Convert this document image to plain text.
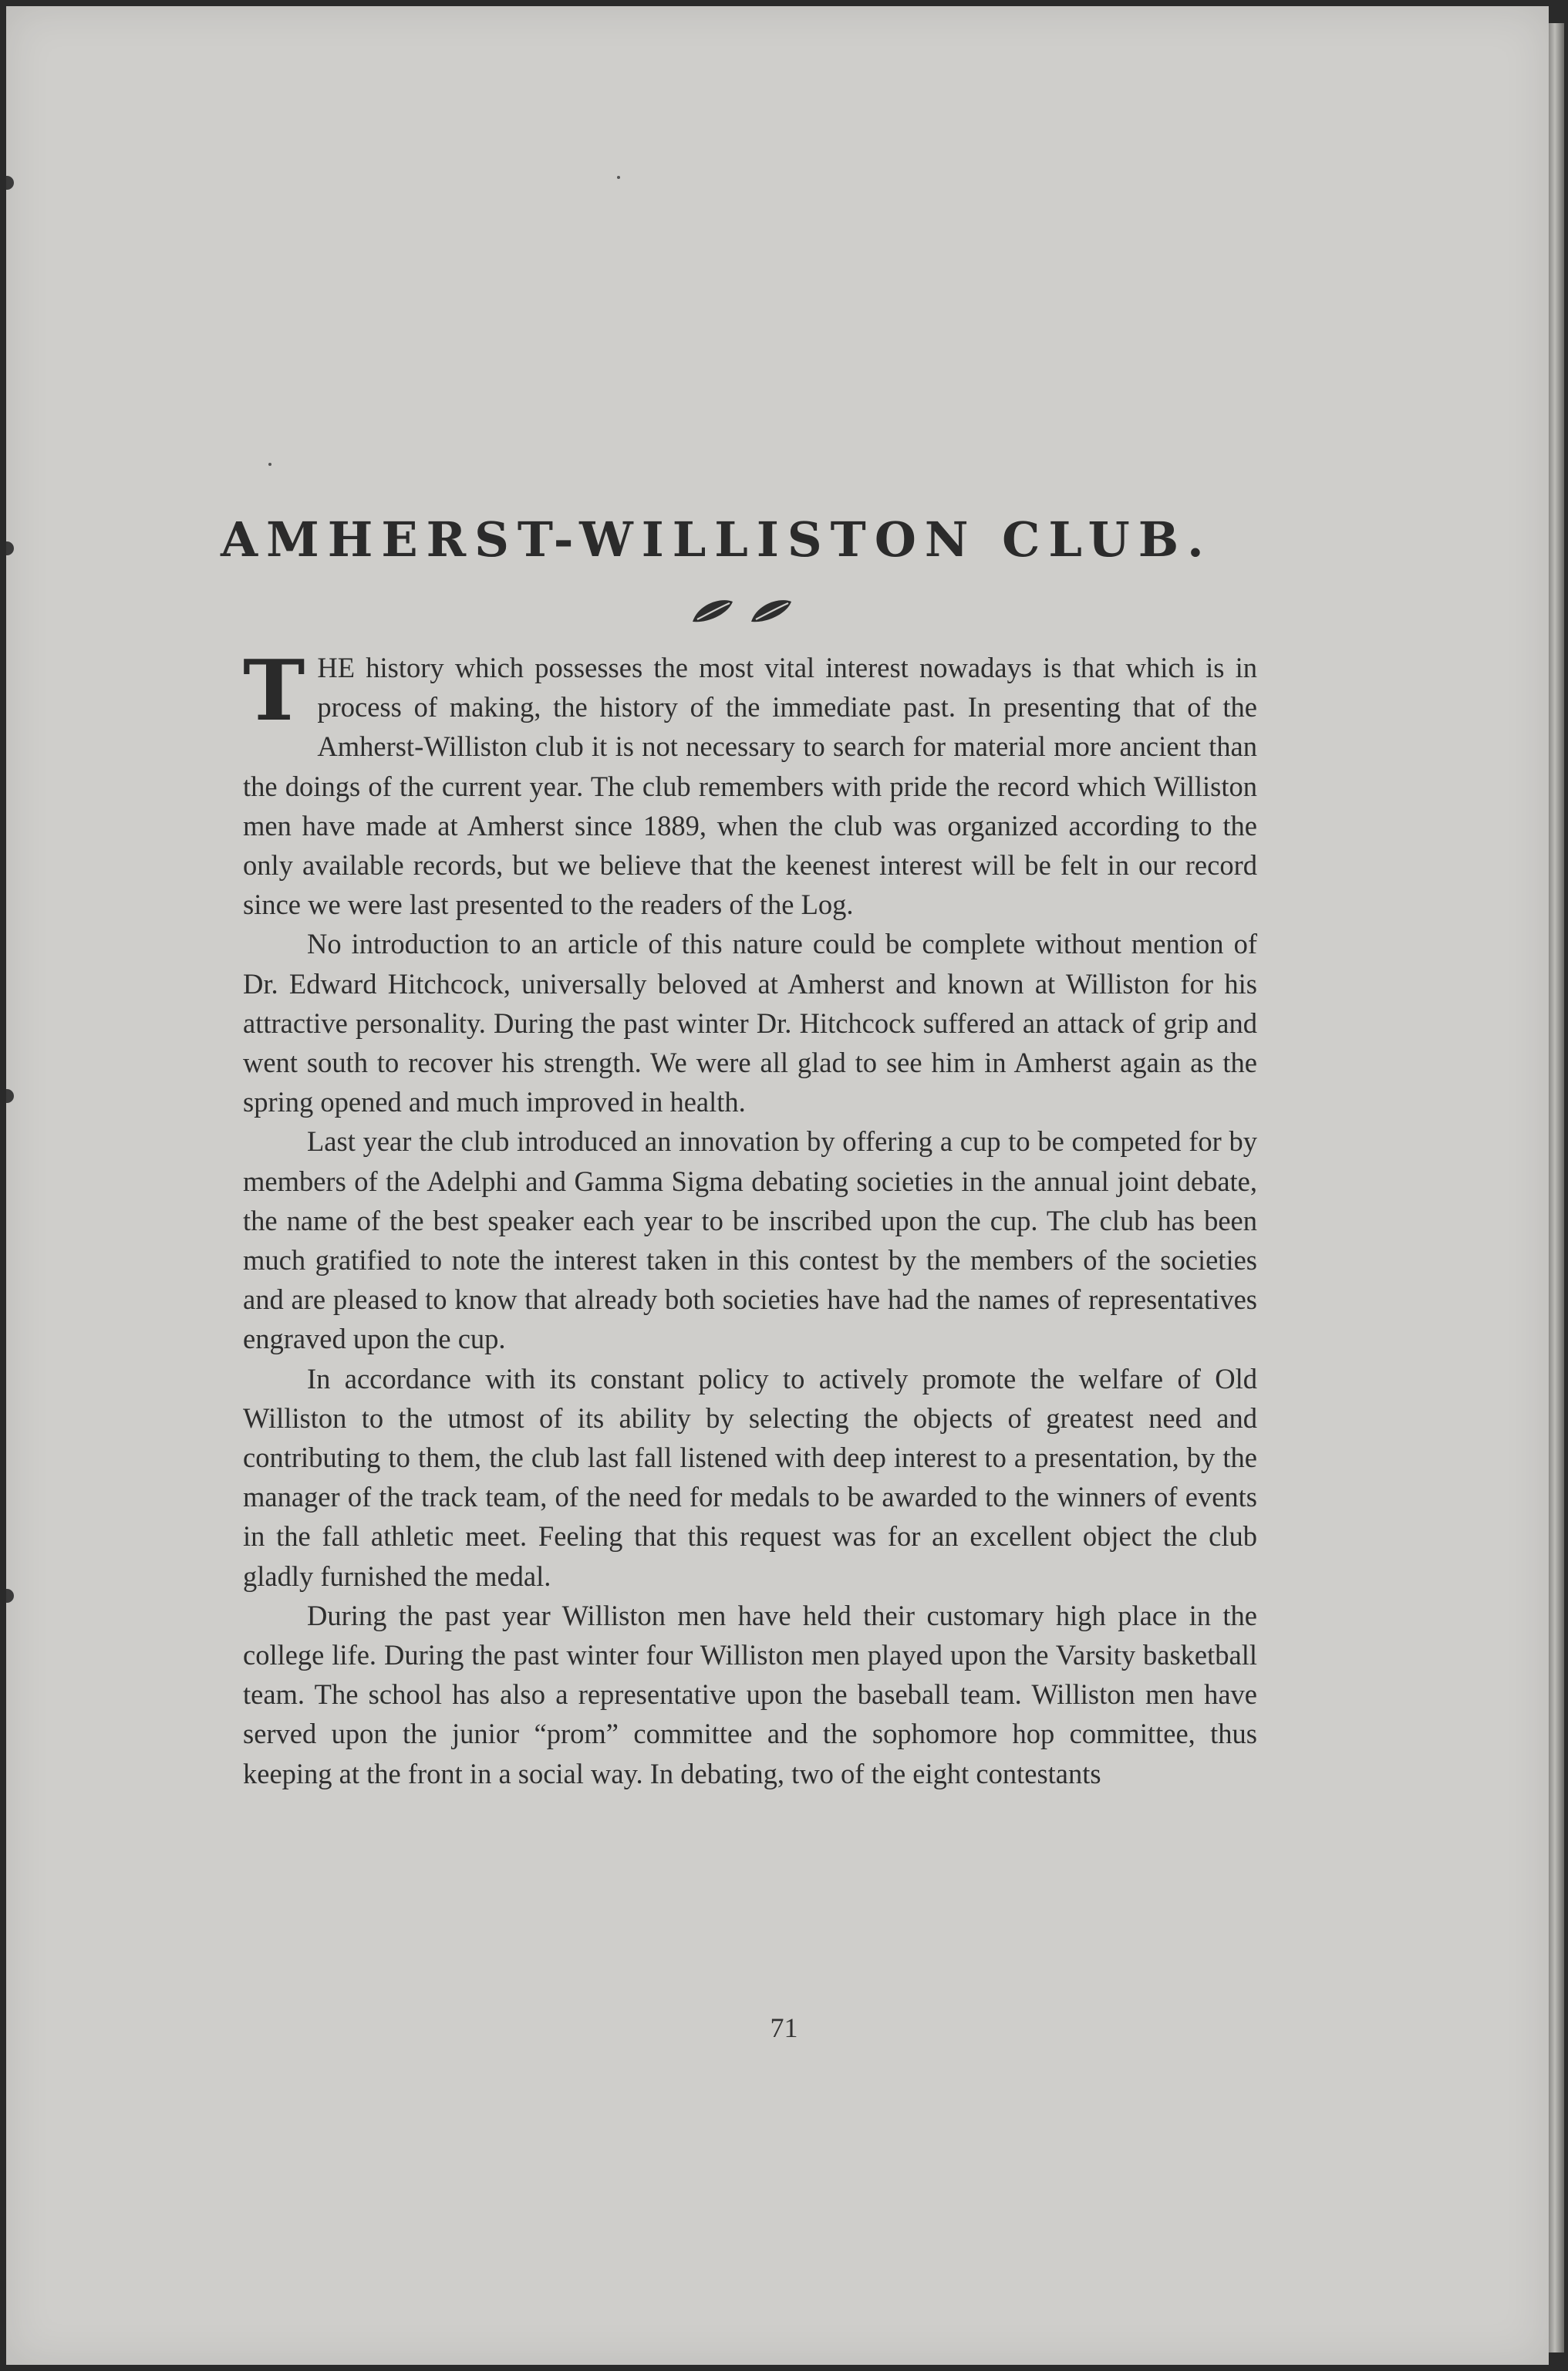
AMHERST-WILLISTON CLUB.

THE history which possesses the most vital interest nowadays is that which is in process of making, the history of the immediate past. In presenting that of the Amherst-Williston club it is not necessary to search for material more ancient than the doings of the current year. The club remembers with pride the record which Williston men have made at Amherst since 1889, when the club was organized according to the only available records, but we believe that the keenest interest will be felt in our record since we were last presented to the readers of the Log.

No introduction to an article of this nature could be complete without mention of Dr. Edward Hitchcock, universally beloved at Amherst and known at Williston for his attractive personality. During the past winter Dr. Hitchcock suffered an attack of grip and went south to recover his strength. We were all glad to see him in Amherst again as the spring opened and much improved in health.

Last year the club introduced an innovation by offering a cup to be competed for by members of the Adelphi and Gamma Sigma debating societies in the annual joint debate, the name of the best speaker each year to be inscribed upon the cup. The club has been much gratified to note the interest taken in this contest by the members of the societies and are pleased to know that already both societies have had the names of representatives engraved upon the cup.

In accordance with its constant policy to actively promote the welfare of Old Williston to the utmost of its ability by selecting the objects of greatest need and contributing to them, the club last fall listened with deep interest to a presentation, by the manager of the track team, of the need for medals to be awarded to the winners of events in the fall athletic meet. Feeling that this request was for an excellent object the club gladly furnished the medal.

During the past year Williston men have held their customary high place in the college life. During the past winter four Williston men played upon the Varsity basketball team. The school has also a representative upon the baseball team. Williston men have served upon the junior “prom” committee and the sophomore hop committee, thus keeping at the front in a social way. In debating, two of the eight contestants

71
